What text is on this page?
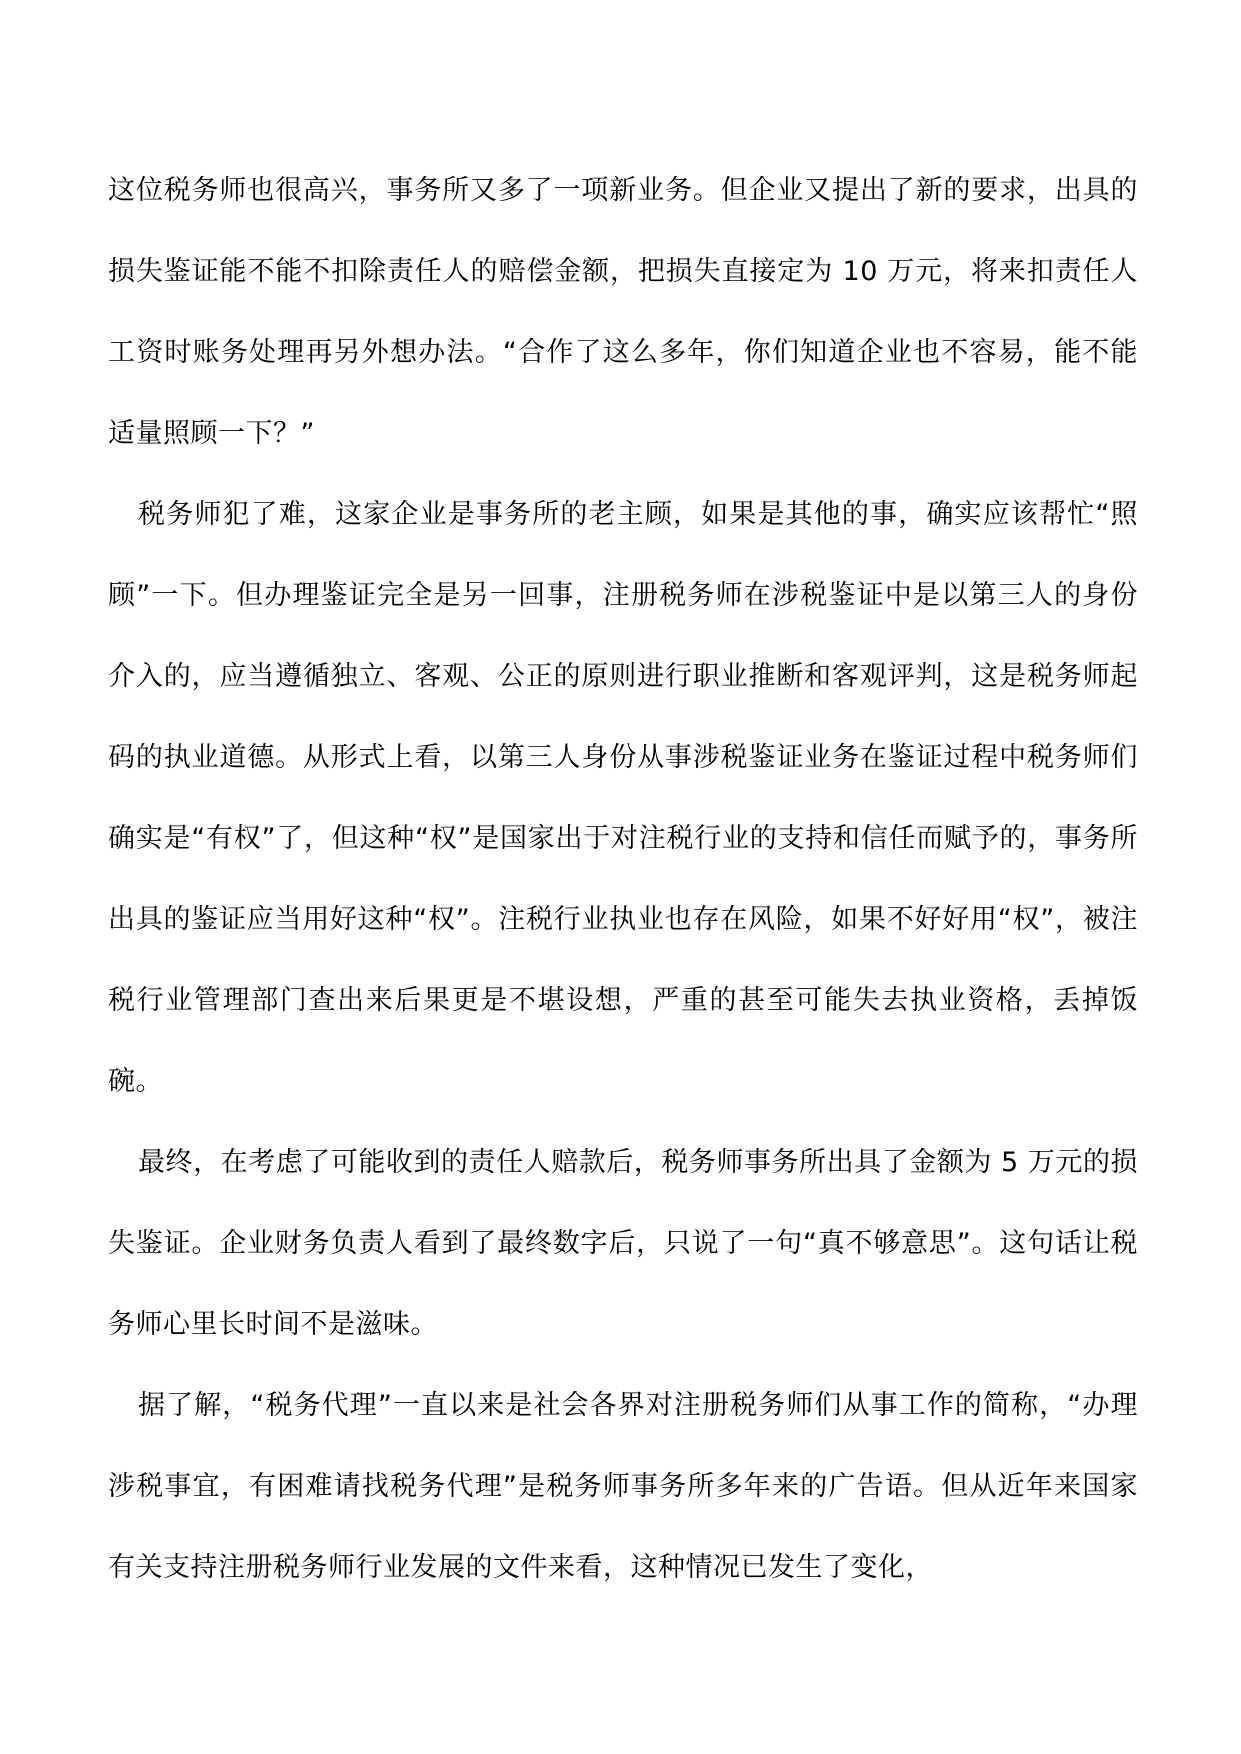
这位税务师也很高兴，事务所又多了一项新业务。但企业又提出了新的要求，出具的损失鉴证能不能不扣除责任人的赔偿金额，把损失直接定为 10 万元，将来扣责任人工资时账务处理再另外想办法。“合作了这么多年，你们知道企业也不容易，能不能适量照顾一下？”

税务师犯了难，这家企业是事务所的老主顾，如果是其他的事，确实应该帮忙“照顾”一下。但办理鉴证完全是另一回事，注册税务师在涉税鉴证中是以第三人的身份介入的，应当遵循独立、客观、公正的原则进行职业推断和客观评判，这是税务师起码的执业道德。从形式上看，以第三人身份从事涉税鉴证业务在鉴证过程中税务师们确实是“有权”了，但这种“权”是国家出于对注税行业的支持和信任而赋予的，事务所出具的鉴证应当用好这种“权”。注税行业执业也存在风险，如果不好好用“权”，被注税行业管理部门查出来后果更是不堪设想，严重的甚至可能失去执业资格，丢掉饭碗。

最终，在考虑了可能收到的责任人赔款后，税务师事务所出具了金额为 5 万元的损失鉴证。企业财务负责人看到了最终数字后，只说了一句“真不够意思”。这句话让税务师心里长时间不是滋味。

据了解，“税务代理”一直以来是社会各界对注册税务师们从事工作的简称，“办理涉税事宜，有困难请找税务代理”是税务师事务所多年来的广告语。但从近年来国家有关支持注册税务师行业发展的文件来看，这种情况已发生了变化，
